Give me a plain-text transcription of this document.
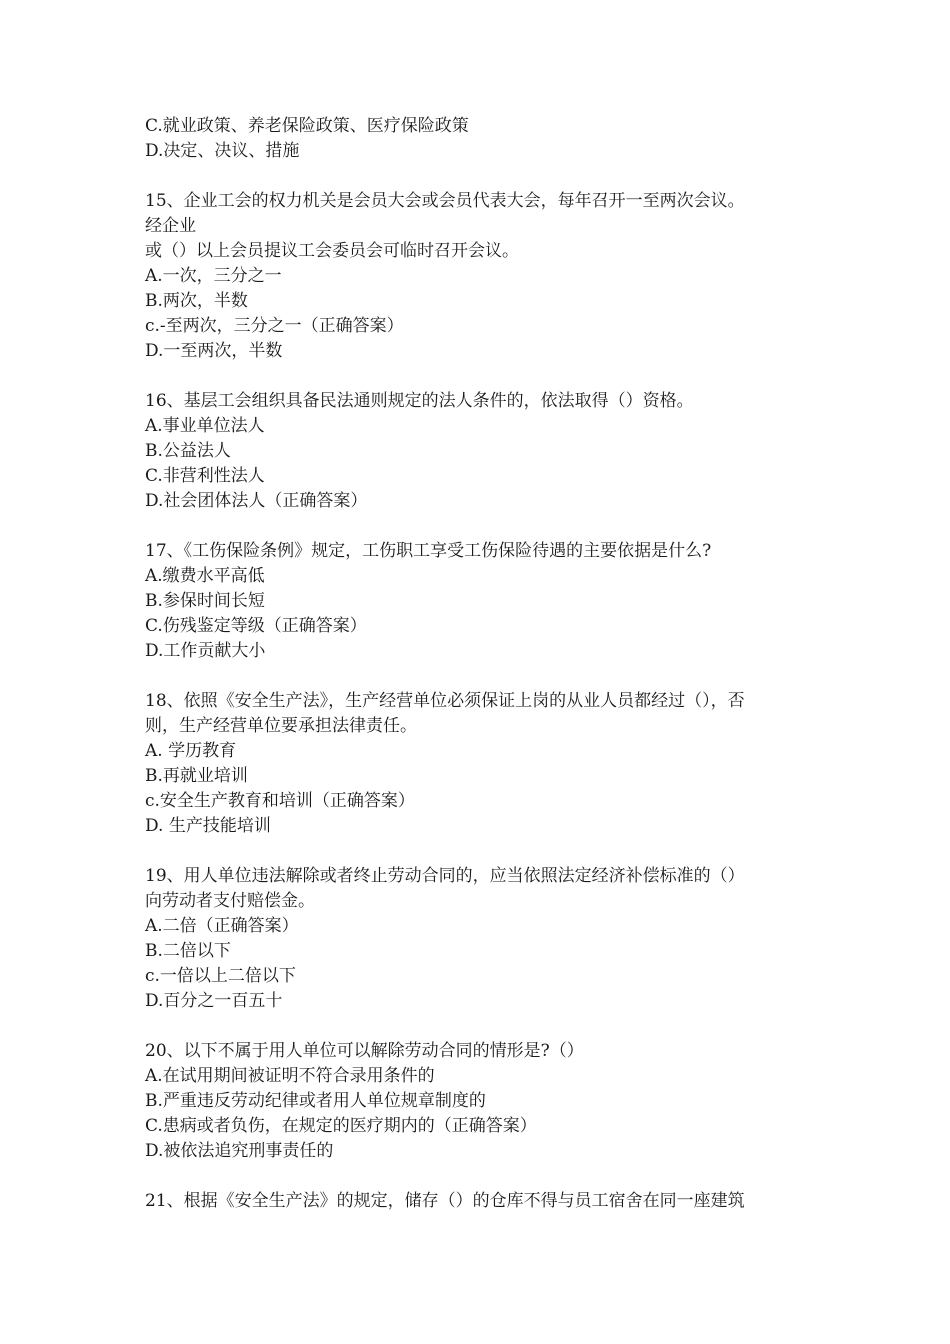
C.就业政策、养老保险政策、医疗保险政策

D.决定、决议、措施

15、企业工会的权力机关是会员大会或会员代表大会，每年召开一至两次会议。

经企业

或（）以上会员提议工会委员会可临时召开会议。

A.一次，三分之一

B.两次，半数

c.-至两次，三分之一（正确答案）

D.一至两次，半数

16、基层工会组织具备民法通则规定的法人条件的，依法取得（）资格。

A.事业单位法人

B.公益法人

C.非营利性法人

D.社会团体法人（正确答案）

17、《工伤保险条例》规定，工伤职工享受工伤保险待遇的主要依据是什么?

A.缴费水平高低

B.参保时间长短

C.伤残鉴定等级（正确答案）

D.工作贡献大小

18、依照《安全生产法》，生产经营单位必须保证上岗的从业人员都经过（），否

则，生产经营单位要承担法律责任。

A. 学历教育

B.再就业培训

c.安全生产教育和培训（正确答案）

D. 生产技能培训

19、用人单位违法解除或者终止劳动合同的，应当依照法定经济补偿标准的（）

向劳动者支付赔偿金。

A.二倍（正确答案）

B.二倍以下

c.一倍以上二倍以下

D.百分之一百五十

20、以下不属于用人单位可以解除劳动合同的情形是?（）

A.在试用期间被证明不符合录用条件的

B.严重违反劳动纪律或者用人单位规章制度的

C.患病或者负伤，在规定的医疗期内的（正确答案）

D.被依法追究刑事责任的

21、根据《安全生产法》的规定，储存（）的仓库不得与员工宿舍在同一座建筑
